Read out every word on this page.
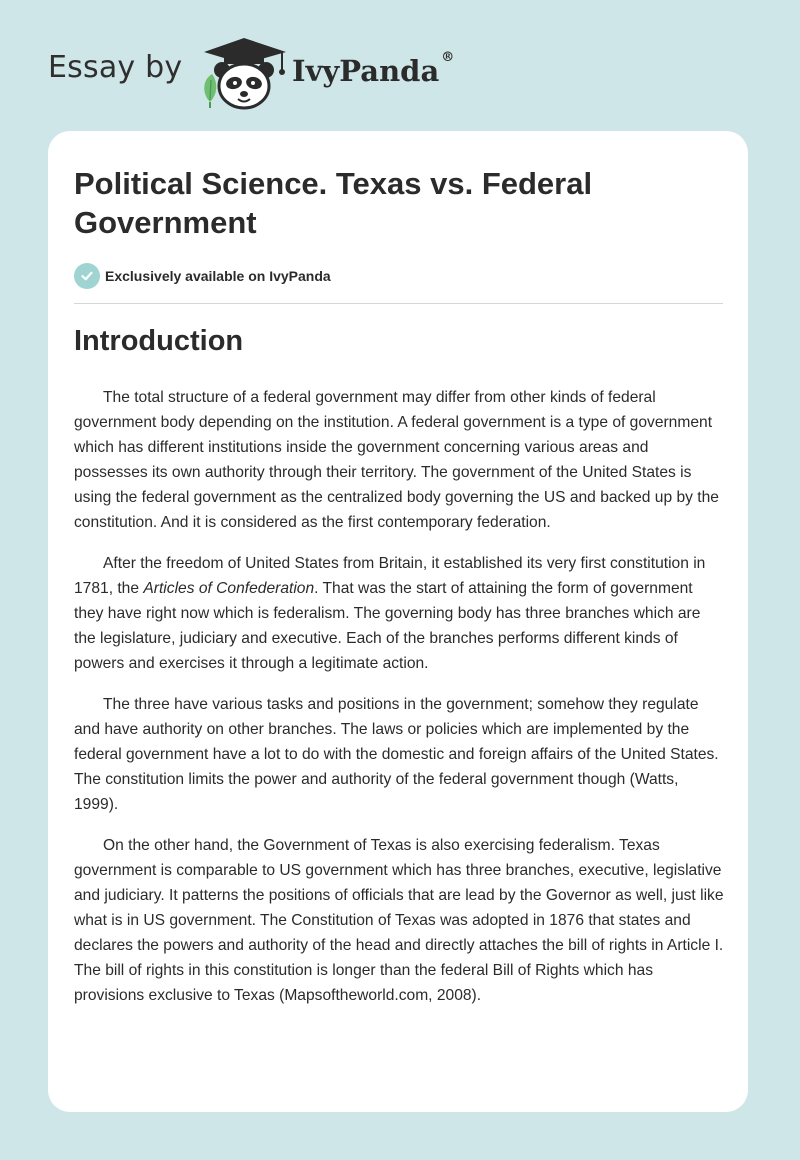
Essay by	IvyPanda ®
Political Science. Texas vs. Federal Government
Exclusively available on IvyPanda
Introduction

The total structure of a federal government may differ from other kinds of federal government body depending on the institution. A federal government is a type of government which has different institutions inside the government concerning various areas and possesses its own authority through their territory. The government of the United States is using the federal government as the centralized body governing the US and backed up by the constitution. And it is considered as the first contemporary federation.

After the freedom of United States from Britain, it established its very first constitution in 1781, the Articles of Confederation. That was the start of attaining the form of government they have right now which is federalism. The governing body has three branches which are the legislature, judiciary and executive. Each of the branches performs different kinds of powers and exercises it through a legitimate action.

The three have various tasks and positions in the government; somehow they regulate and have authority on other branches. The laws or policies which are implemented by the federal government have a lot to do with the domestic and foreign affairs of the United States. The constitution limits the power and authority of the federal government though (Watts, 1999).

On the other hand, the Government of Texas is also exercising federalism. Texas government is comparable to US government which has three branches, executive, legislative and judiciary. It patterns the positions of officials that are lead by the Governor as well, just like what is in US government. The Constitution of Texas was adopted in 1876 that states and declares the powers and authority of the head and directly attaches the bill of rights in Article I. The bill of rights in this constitution is longer than the federal Bill of Rights which has provisions exclusive to Texas (Mapsoftheworld.com, 2008).
